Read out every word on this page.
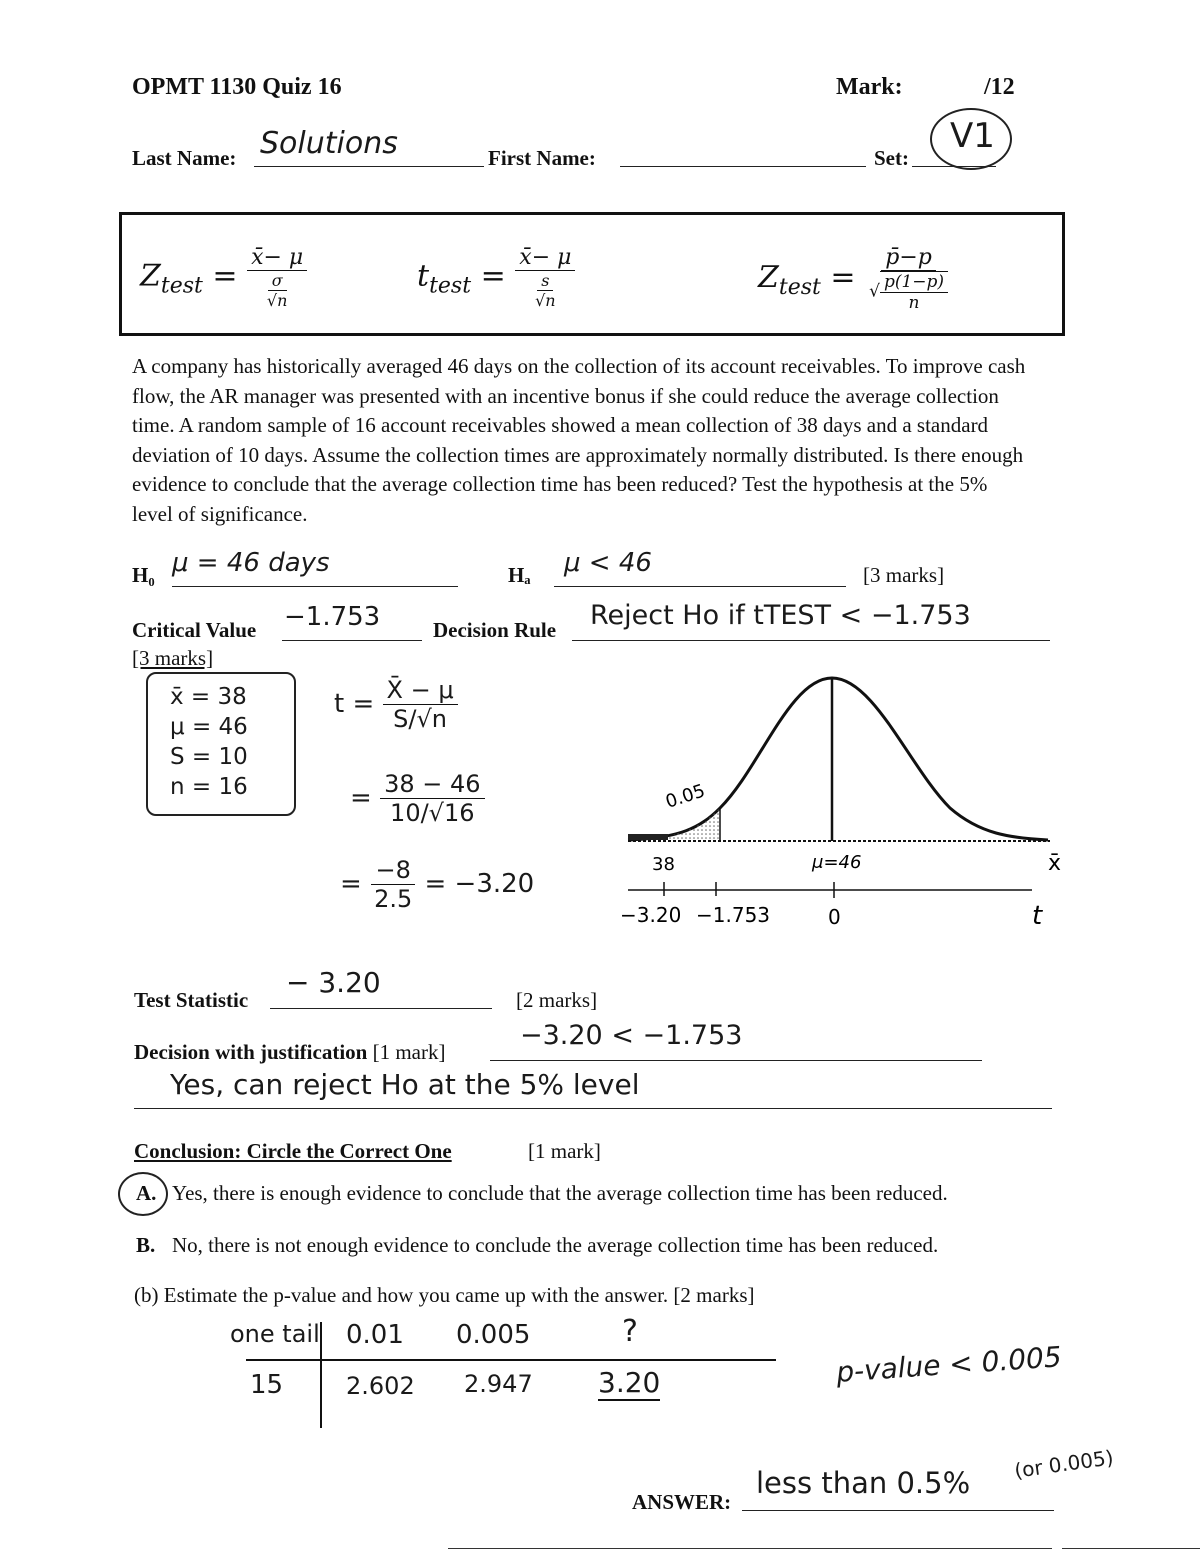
OPMT 1130 Quiz 16	Mark:	/12
Last Name: Solutions	First Name:	Set:
V1
$Z_{test} = \frac{x̄- \mu}{\frac{\sigma}{√n}}$	$t_{test} = \frac{x̄- \mu}{\frac{s}{√n}}$	$Z_{test} = \frac{p̄-p}{√ \frac{p(1-p)}{n}}$
A company has historically averaged 46 days on the collection of its account receivables. To improve cash flow, the AR manager was presented with an incentive bonus if she could reduce the average collection time. A random sample of 16 account receivables showed a mean collection of 38 days and a standard deviation of 10 days. Assume the collection times are approximately normally distributed. Is there enough evidence to conclude that the average collection time has been reduced? Test the hypothesis at the 5% level of significance.
H₀ μ = 46 days	Hₐ μ < 46	[3 marks]
Critical Value −1.753	Decision Rule Reject Ho if tTEST < −1.753
[3 marks]
x̄ = 38
μ = 46
S = 10
n = 16
$t = \frac{X̄ - \mu}{S/√n}$
= $\frac{38 - 46}{10/√16}$
= $\frac{-8}{2.5} = -3.20$
0.05
38	μ=46	x̄
−3.20 −1.753	0	t
Test Statistic
− 3.20
[2 marks]
Decision with justification [1 mark]
−3.20 < −1.753
Yes, can reject Ho at the 5% level
Conclusion: Circle the Correct One	[1 mark]
A. Yes, there is enough evidence to conclude that the average collection time has been reduced.
B. No, there is not enough evidence to conclude the average collection time has been reduced.
(b) Estimate the p-value and how you came up with the answer. [2 marks]
one tail 0.01 0.005	?
15	2.602 2.947 3.20	p-value < 0.005
ANSWER:
less than 0.5%
(or 0.005)
